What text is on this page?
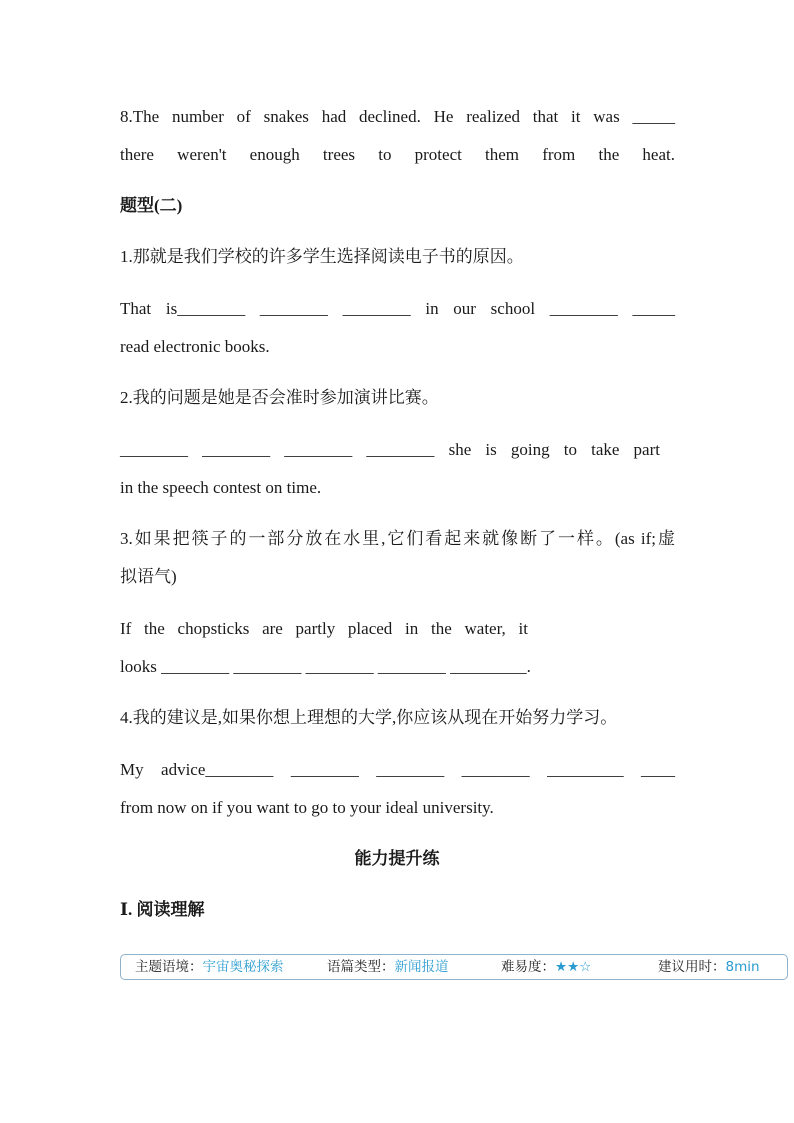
8.The number of snakes had declined. He realized that it was _____
there weren't enough trees to protect them from the heat.
题型(二)
1.那就是我们学校的许多学生选择阅读电子书的原因。
That is________ ________ ________ in our school ________ _____
read electronic books.
2.我的问题是她是否会准时参加演讲比赛。
________ ________ ________ ________ she is going to take part
in the speech contest on time.
3.如果把筷子的一部分放在水里,它们看起来就像断了一样。(as if;虚
拟语气)
If the chopsticks are partly placed in the water, it
looks ________ ________ ________ ________ _________.
4.我的建议是,如果你想上理想的大学,你应该从现在开始努力学习。
My advice________ ________ ________ ________ _________ ____
from now on if you want to go to your ideal university.
能力提升练
Ⅰ. 阅读理解
主题语境：宇宙奥秘探索	语篇类型：新闻报道	难易度：★★☆	建议用时：8min
